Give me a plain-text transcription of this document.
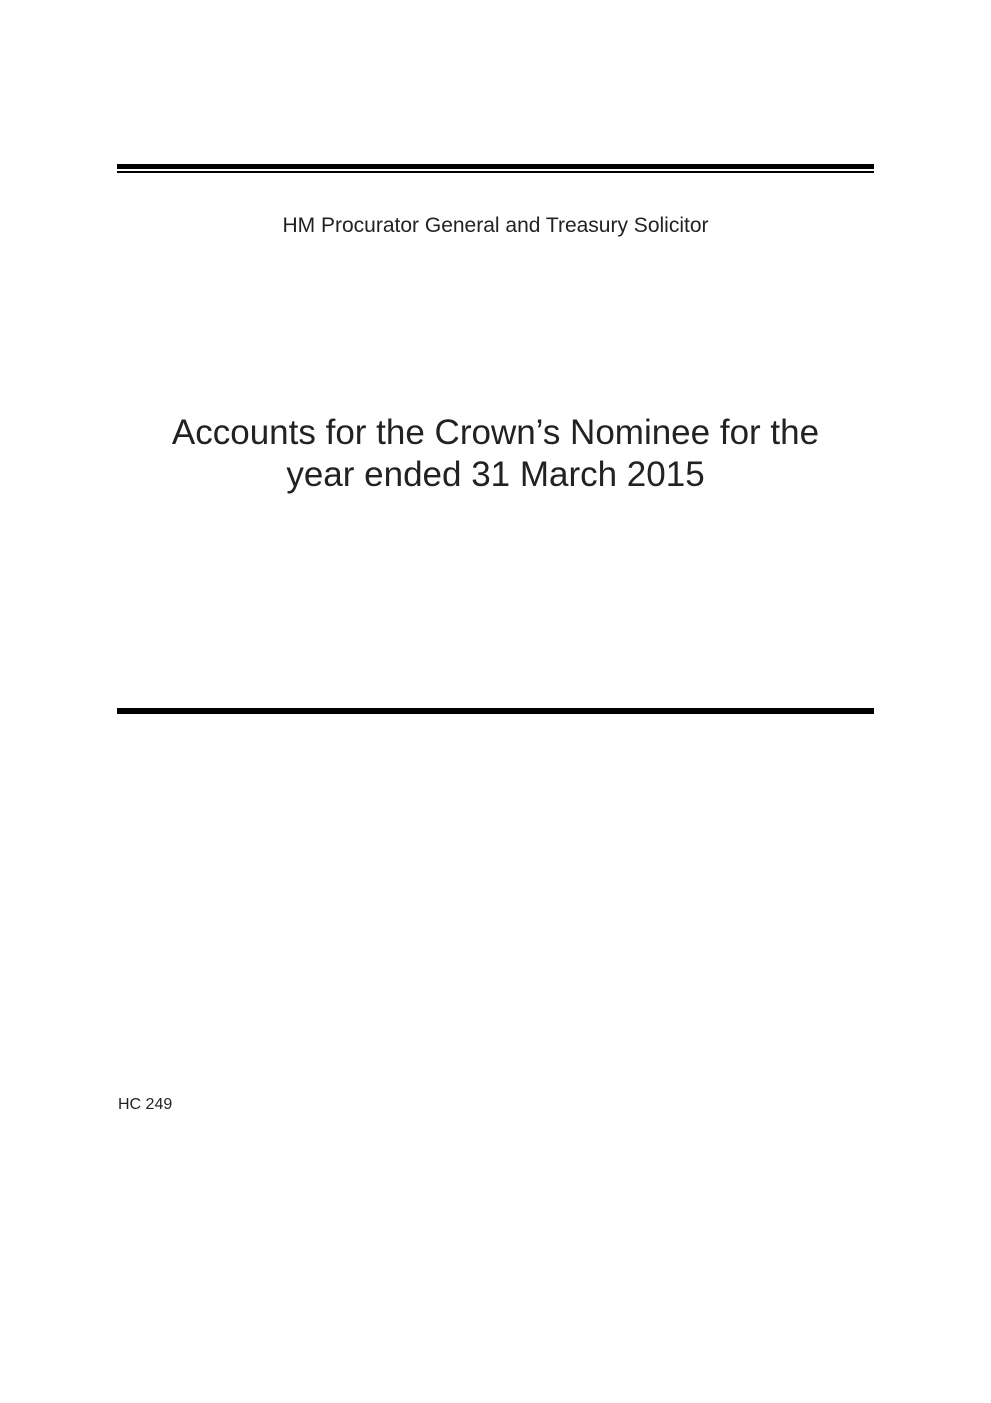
HM Procurator General and Treasury Solicitor
Accounts for the Crown’s Nominee for the
year ended 31 March 2015
HC 249
